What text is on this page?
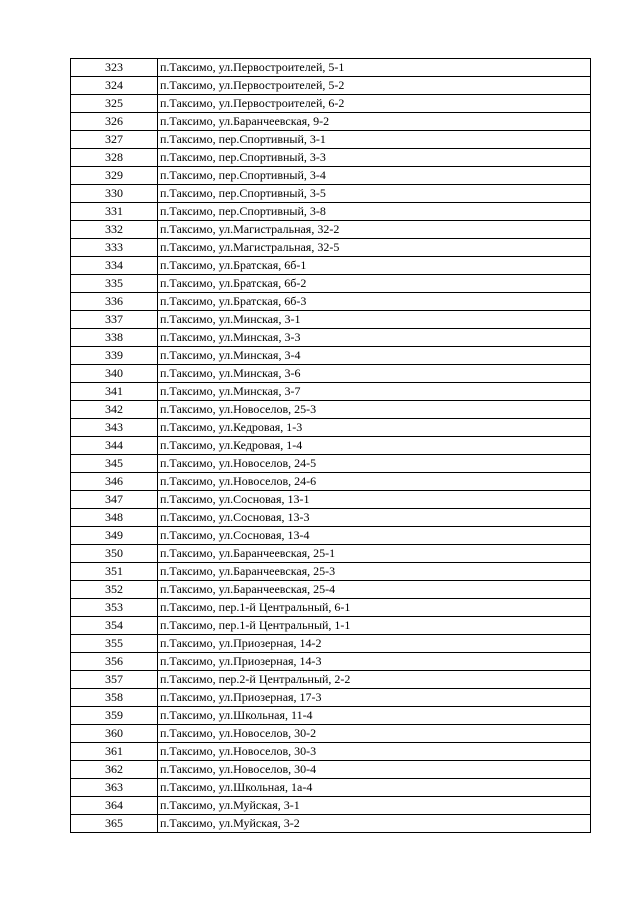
323	п.Таксимо, ул.Первостроителей, 5-1
324	п.Таксимо, ул.Первостроителей, 5-2
325	п.Таксимо, ул.Первостроителей, 6-2
326	п.Таксимо, ул.Баранчеевская, 9-2
327	п.Таксимо, пер.Спортивный, 3-1
328	п.Таксимо, пер.Спортивный, 3-3
329	п.Таксимо, пер.Спортивный, 3-4
330	п.Таксимо, пер.Спортивный, 3-5
331	п.Таксимо, пер.Спортивный, 3-8
332	п.Таксимо, ул.Магистральная, 32-2
333	п.Таксимо, ул.Магистральная, 32-5
334	п.Таксимо, ул.Братская, 6б-1
335	п.Таксимо, ул.Братская, 6б-2
336	п.Таксимо, ул.Братская, 6б-3
337	п.Таксимо, ул.Минская, 3-1
338	п.Таксимо, ул.Минская, 3-3
339	п.Таксимо, ул.Минская, 3-4
340	п.Таксимо, ул.Минская, 3-6
341	п.Таксимо, ул.Минская, 3-7
342	п.Таксимо, ул.Новоселов, 25-3
343	п.Таксимо, ул.Кедровая, 1-3
344	п.Таксимо, ул.Кедровая, 1-4
345	п.Таксимо, ул.Новоселов, 24-5
346	п.Таксимо, ул.Новоселов, 24-6
347	п.Таксимо, ул.Сосновая, 13-1
348	п.Таксимо, ул.Сосновая, 13-3
349	п.Таксимо, ул.Сосновая, 13-4
350	п.Таксимо, ул.Баранчеевская, 25-1
351	п.Таксимо, ул.Баранчеевская, 25-3
352	п.Таксимо, ул.Баранчеевская, 25-4
353	п.Таксимо, пер.1-й Центральный, 6-1
354	п.Таксимо, пер.1-й Центральный, 1-1
355	п.Таксимо, ул.Приозерная, 14-2
356	п.Таксимо, ул.Приозерная, 14-3
357	п.Таксимо, пер.2-й Центральный, 2-2
358	п.Таксимо, ул.Приозерная, 17-3
359	п.Таксимо, ул.Школьная, 11-4
360	п.Таксимо, ул.Новоселов, 30-2
361	п.Таксимо, ул.Новоселов, 30-3
362	п.Таксимо, ул.Новоселов, 30-4
363	п.Таксимо, ул.Школьная, 1а-4
364	п.Таксимо, ул.Муйская, 3-1
365	п.Таксимо, ул.Муйская, 3-2
